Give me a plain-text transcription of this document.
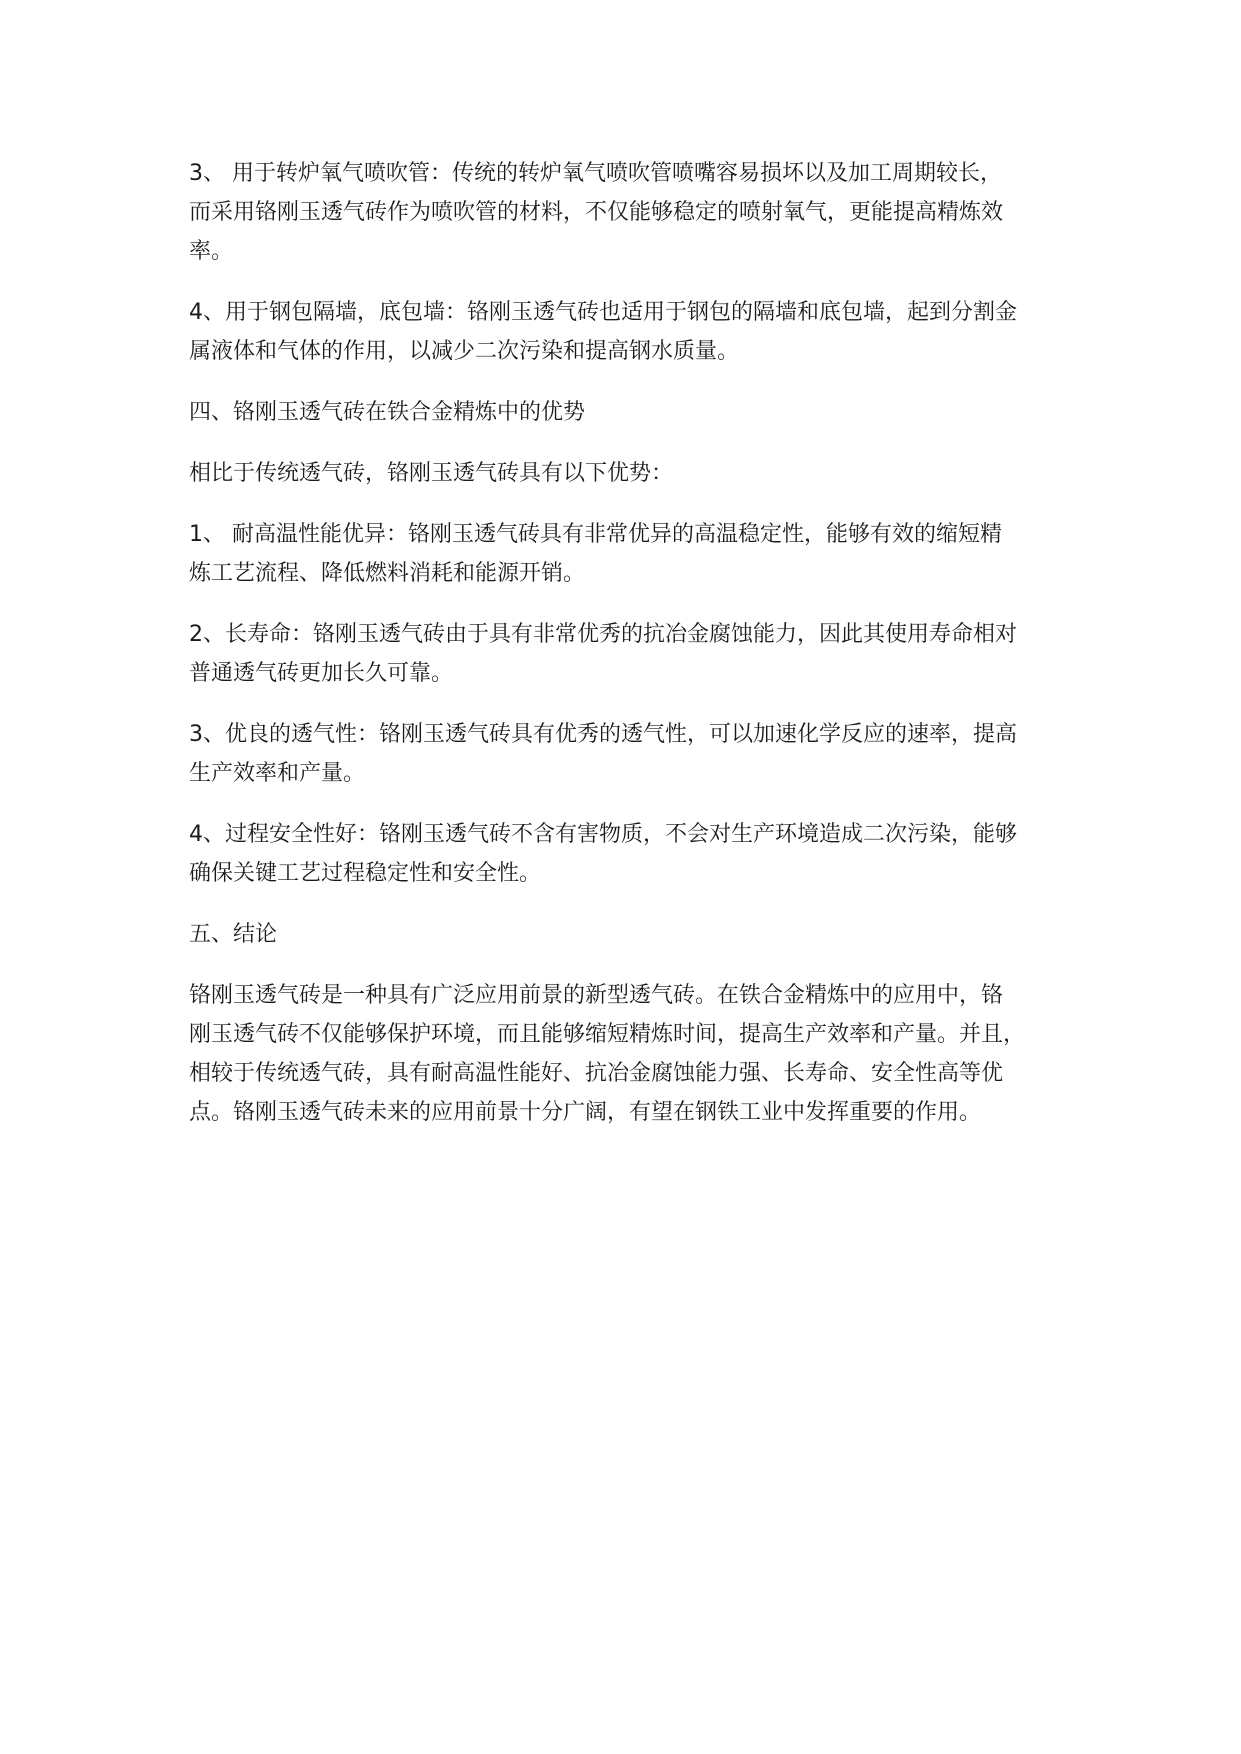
3、 用于转炉氧气喷吹管：传统的转炉氧气喷吹管喷嘴容易损坏以及加工周期较长，
而采用铬刚玉透气砖作为喷吹管的材料，不仅能够稳定的喷射氧气，更能提高精炼效
率。

4、用于钢包隔墙，底包墙：铬刚玉透气砖也适用于钢包的隔墙和底包墙，起到分割金
属液体和气体的作用，以减少二次污染和提高钢水质量。

四、铬刚玉透气砖在铁合金精炼中的优势

相比于传统透气砖，铬刚玉透气砖具有以下优势：

1、 耐高温性能优异：铬刚玉透气砖具有非常优异的高温稳定性，能够有效的缩短精
炼工艺流程、降低燃料消耗和能源开销。

2、长寿命：铬刚玉透气砖由于具有非常优秀的抗冶金腐蚀能力，因此其使用寿命相对
普通透气砖更加长久可靠。

3、优良的透气性：铬刚玉透气砖具有优秀的透气性，可以加速化学反应的速率，提高
生产效率和产量。

4、过程安全性好：铬刚玉透气砖不含有害物质，不会对生产环境造成二次污染，能够
确保关键工艺过程稳定性和安全性。

五、结论

铬刚玉透气砖是一种具有广泛应用前景的新型透气砖。在铁合金精炼中的应用中，铬
刚玉透气砖不仅能够保护环境，而且能够缩短精炼时间，提高生产效率和产量。并且，
相较于传统透气砖，具有耐高温性能好、抗冶金腐蚀能力强、长寿命、安全性高等优
点。铬刚玉透气砖未来的应用前景十分广阔，有望在钢铁工业中发挥重要的作用。
